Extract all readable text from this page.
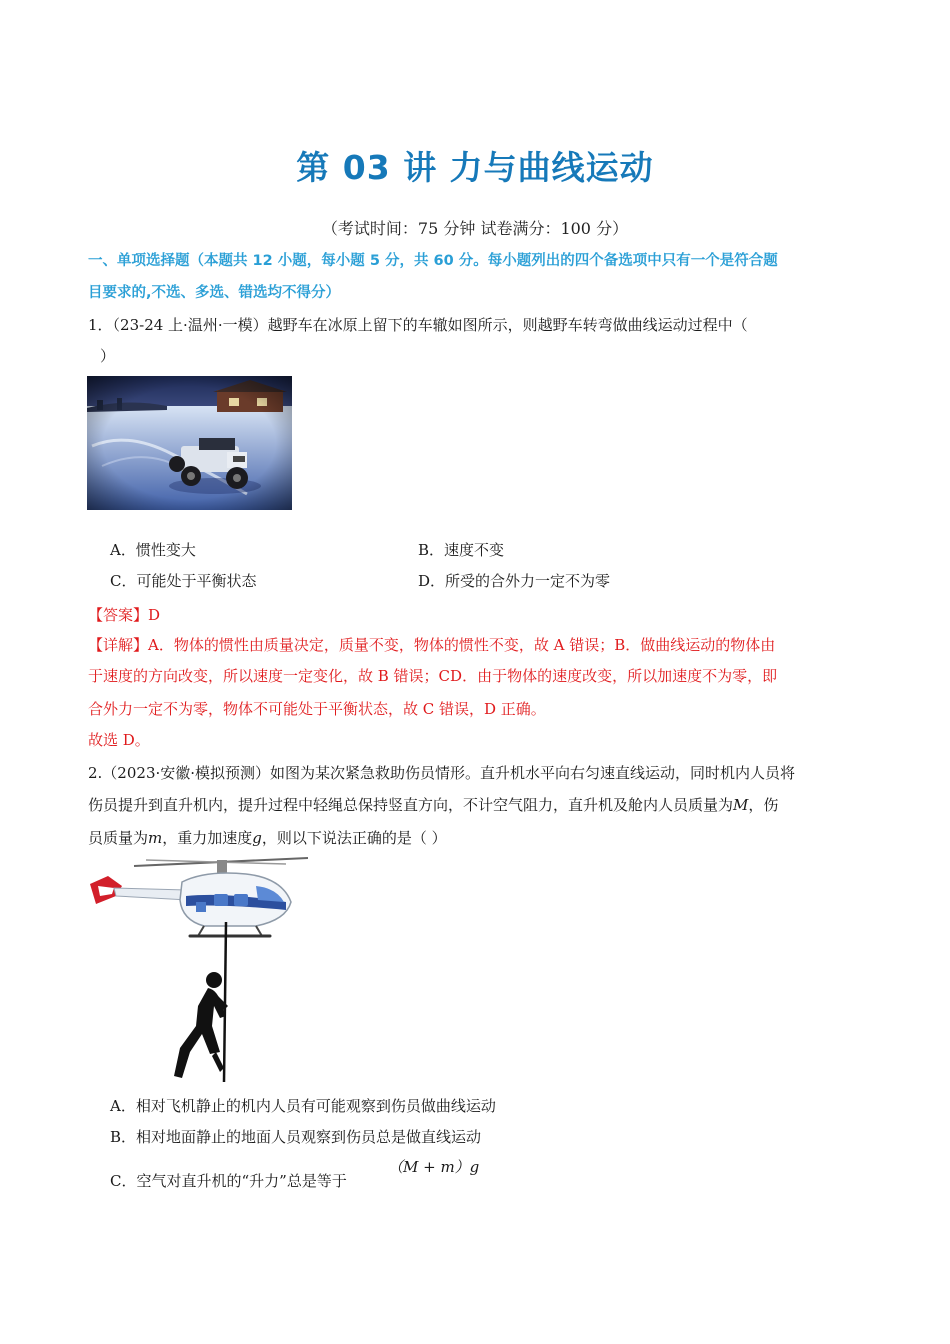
第 03 讲 力与曲线运动
（考试时间：75 分钟 试卷满分：100 分）
一、单项选择题（本题共 12 小题，每小题 5 分，共 60 分。每小题列出的四个备选项中只有一个是符合题
目要求的,不选、多选、错选均不得分）
1．（23-24 上·温州·一模）越野车在冰原上留下的车辙如图所示，则越野车转弯做曲线运动过程中（
）
A．惯性变大	B．速度不变
C．可能处于平衡状态	D．所受的合外力一定不为零
【答案】D
【详解】A．物体的惯性由质量决定，质量不变，物体的惯性不变，故 A 错误；B．做曲线运动的物体由
于速度的方向改变，所以速度一定变化，故 B 错误；CD．由于物体的速度改变，所以加速度不为零，即
合外力一定不为零，物体不可能处于平衡状态，故 C 错误，D 正确。
故选 D。
2.（2023·安徽·模拟预测）如图为某次紧急救助伤员情形。直升机水平向右匀速直线运动，同时机内人员将
伤员提升到直升机内，提升过程中轻绳总保持竖直方向，不计空气阻力，直升机及舱内人员质量为M，伤
员质量为m，重力加速度g，则以下说法正确的是（ ）
A．相对飞机静止的机内人员有可能观察到伤员做曲线运动
B．相对地面静止的地面人员观察到伤员总是做直线运动
C．空气对直升机的“升力”总是等于
（M + m）g
